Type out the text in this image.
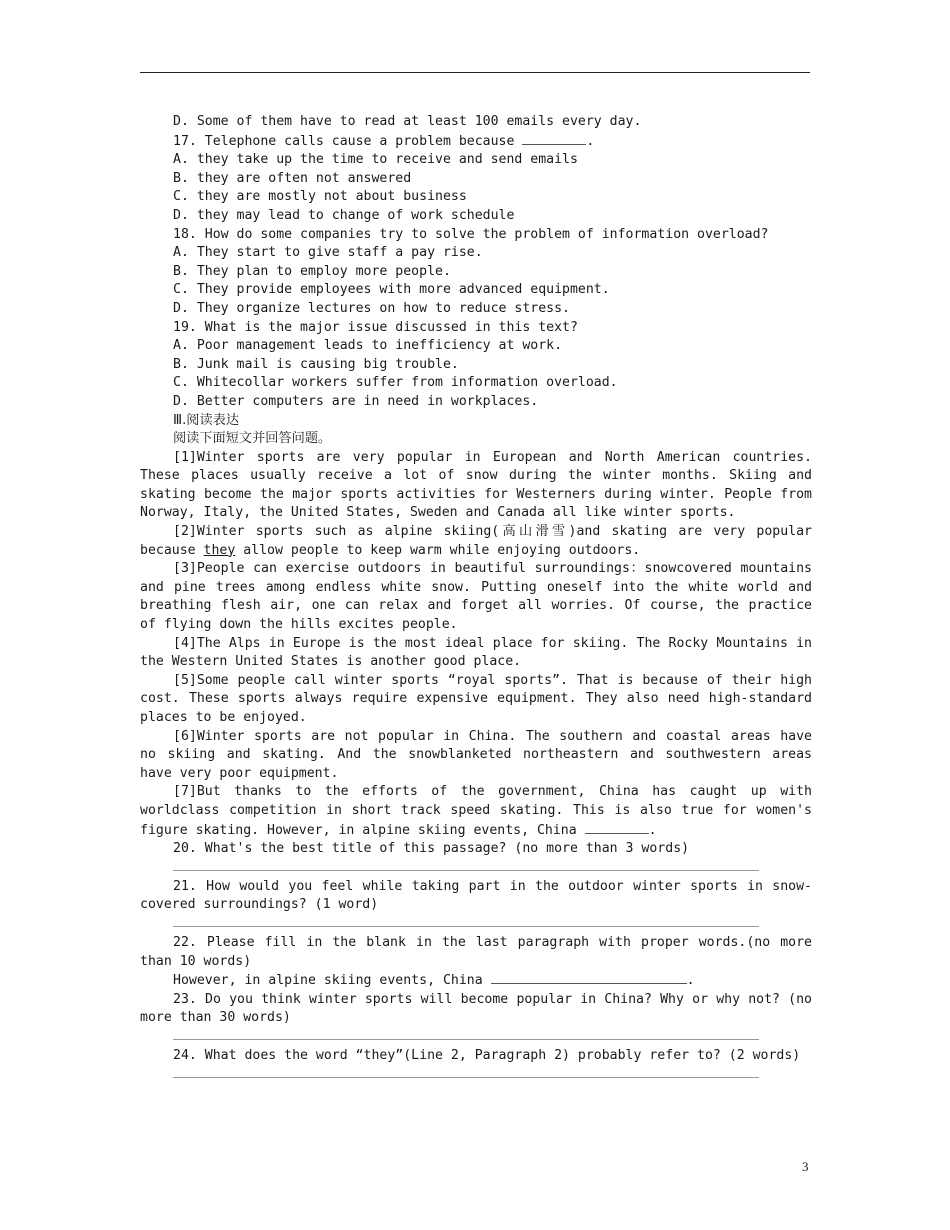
D. Some of them have to read at least 100 emails every day.
17. Telephone calls cause a problem because	.
A. they take up the time to receive and send emails
B. they are often not answered
C. they are mostly not about business
D. they may lead to change of work schedule
18. How do some companies try to solve the problem of information overload?
A. They start to give staff a pay rise.
B. They plan to employ more people.
C. They provide employees with more advanced equipment.
D. They organize lectures on how to reduce stress.
19. What is the major issue discussed in this text?
A. Poor management leads to inefficiency at work.
B. Junk mail is causing big trouble.
C. Whitecollar workers suffer from information overload.
D. Better computers are in need in workplaces.
Ⅲ.阅读表达
阅读下面短文并回答问题。
[1]Winter sports are very popular in European and North American countries. These places usually receive a lot of snow during the winter months. Skiing and skating become the major sports activities for Westerners during winter. People from Norway, Italy, the United States, Sweden and Canada all like winter sports.
[2]Winter sports such as alpine skiing(高山滑雪)and skating are very popular because they allow people to keep warm while enjoying outdoors.
[3]People can exercise outdoors in beautiful surroundings：snowcovered mountains and pine trees among endless white snow. Putting oneself into the white world and breathing flesh air, one can relax and forget all worries. Of course, the practice of flying down the hills excites people.
[4]The Alps in Europe is the most ideal place for skiing. The Rocky Mountains in the Western United States is another good place.
[5]Some people call winter sports “royal sports”. That is because of their high cost. These sports always require expensive equipment. They also need high-standard places to be enjoyed.
[6]Winter sports are not popular in China. The southern and coastal areas have no skiing and skating. And the snowblanketed northeastern and southwestern areas have very poor equipment.
[7]But thanks to the efforts of the government, China has caught up with worldclass competition in short track speed skating. This is also true for women's figure skating. However, in alpine skiing events, China	.
20. What's the best title of this passage? (no more than 3 words)
21. How would you feel while taking part in the outdoor winter sports in snow-covered surroundings? (1 word)
22. Please fill in the blank in the last paragraph with proper words.(no more than 10 words)
However, in alpine skiing events, China	.
23. Do you think winter sports will become popular in China? Why or why not? (no more than 30 words)
24. What does the word “they”(Line 2, Paragraph 2) probably refer to? (2 words)
3
